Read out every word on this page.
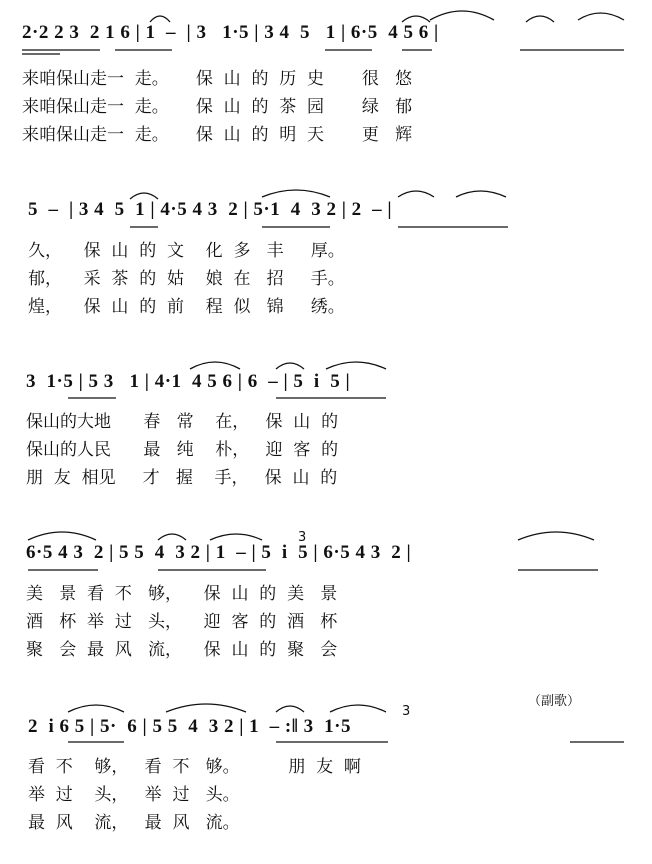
2·2 2 3  2 1 6 | 1  –  | 3   1·5 | 3 4  5   1 | 6·5  4 5 6 |
来咱保山走一  走。     保  山  的  历  史       很   悠
来咱保山走一  走。     保  山  的  茶  园       绿   郁
来咱保山走一  走。     保  山  的  明  天       更   辉
5  –  | 3 4  5  1 | 4·5 4 3  2 | 5·1  4  3 2 | 2  – |
久，    保  山  的  文    化  多   丰     厚。
郁，    采  茶  的  姑    娘  在   招     手。
煌，    保  山  的  前    程  似   锦     绣。
3  1·5 | 5 3   1 | 4·1  4 5 6 | 6  – | 5  i  5 |
保山的大地      春   常    在，   保  山  的
保山的人民      最   纯    朴，   迎  客  的
朋  友  相见     才   握    手，   保  山  的
3
6·5 4 3  2 | 5 5  4  3 2 | 1  – | 5  i  5 | 6·5 4 3  2 |
美   景  看  不   够，    保  山  的  美   景
酒   杯  举  过   头，    迎  客  的  酒   杯
聚   会  最  风   流，    保  山  的  聚   会
（副歌）
3
2  i 6 5 | 5·  6 | 5 5  4  3 2 | 1  – :‖ 3  1·5
看  不    够，   看  不   够。         朋  友  啊
举  过    头，   举  过   头。
最  风    流，   最  风   流。
